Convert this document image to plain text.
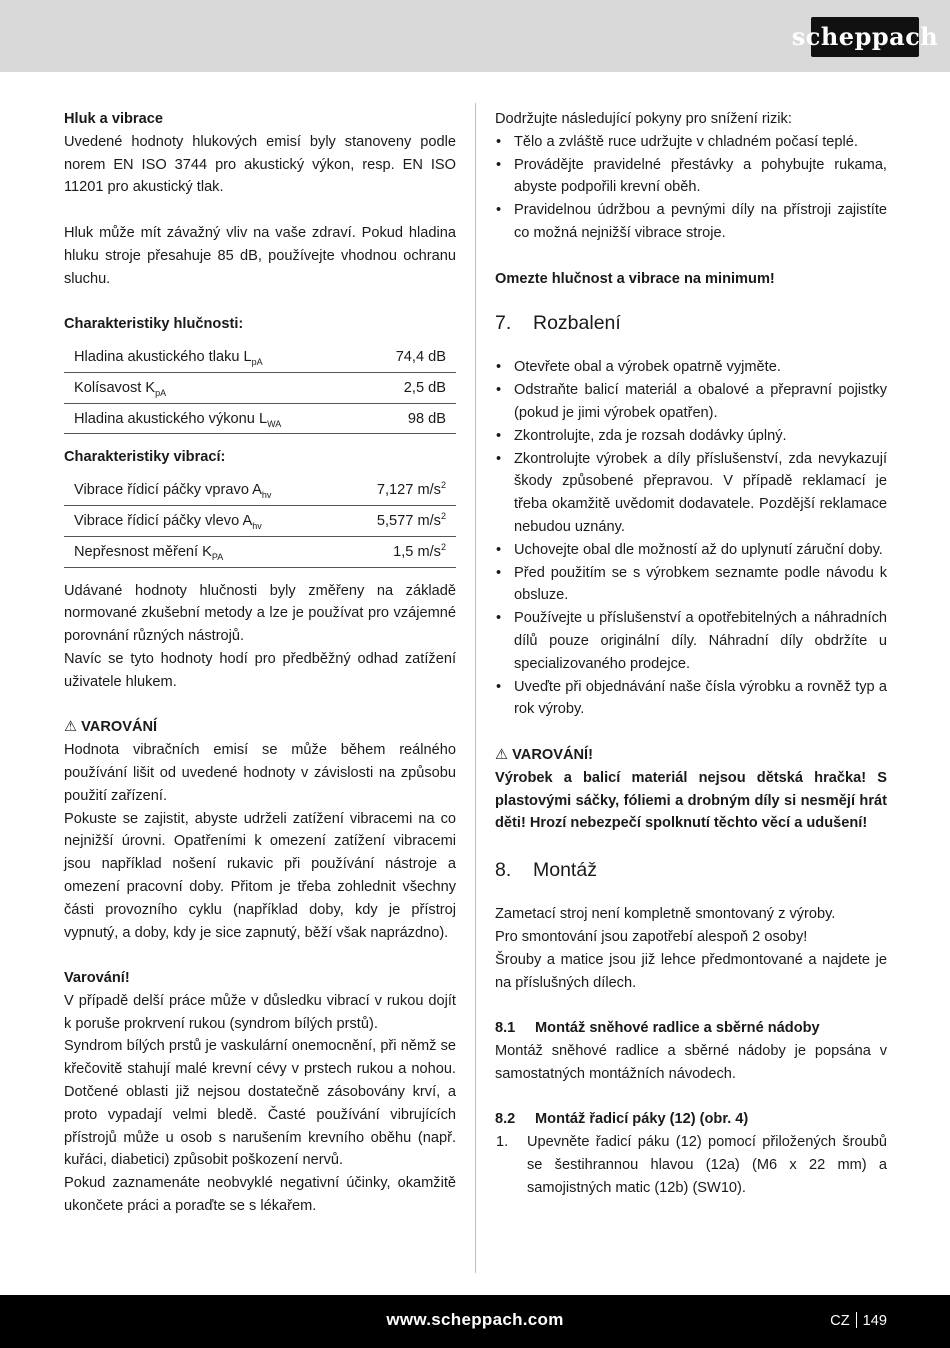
scheppach

Hluk a vibrace

Uvedené hodnoty hlukových emisí byly stanoveny podle norem EN ISO 3744 pro akustický výkon, resp. EN ISO 11201 pro akustický tlak.

Hluk může mít závažný vliv na vaše zdraví. Pokud hladina hluku stroje přesahuje 85 dB, používejte vhodnou ochranu sluchu.

Charakteristiky hlučnosti:

Hladina akustického tlaku $L_{pA}$	74,4 dB
Kolísavost $K_{pA}$	2,5 dB
Hladina akustického výkonu $L_{WA}$	98 dB

Charakteristiky vibrací:

Vibrace řídicí páčky vpravo $A_{hv}$	7,127 $m/s^2$
Vibrace řídicí páčky vlevo $A_{hv}$	5,577 $m/s^2$
Nepřesnost měření $K_{PA}$	1,5 $m/s^2$

Udávané hodnoty hlučnosti byly změřeny na základě normované zkušební metody a lze je používat pro vzájemné porovnání různých nástrojů.

Navíc se tyto hodnoty hodí pro předběžný odhad zatížení uživatele hlukem.

⚠ VAROVÁNÍ

Hodnota vibračních emisí se může během reálného používání lišit od uvedené hodnoty v závislosti na způsobu použití zařízení.

Pokuste se zajistit, abyste udrželi zatížení vibracemi na co nejnižší úrovni. Opatřeními k omezení zatížení vibracemi jsou například nošení rukavic při používání nástroje a omezení pracovní doby. Přitom je třeba zohlednit všechny části provozního cyklu (například doby, kdy je přístroj vypnutý, a doby, kdy je sice zapnutý, běží však naprázdno).

Varování!

V případě delší práce může v důsledku vibrací v rukou dojít k poruše prokrvení rukou (syndrom bílých prstů).

Syndrom bílých prstů je vaskulární onemocnění, při němž se křečovitě stahují malé krevní cévy v prstech rukou a nohou. Dotčené oblasti již nejsou dostatečně zásobovány krví, a proto vypadají velmi bledě. Časté používání vibrujících přístrojů může u osob s narušením krevního oběhu (např. kuřáci, diabetici) způsobit poškození nervů.

Pokud zaznamenáte neobvyklé negativní účinky, okamžitě ukončete práci a poraďte se s lékařem.

Dodržujte následující pokyny pro snížení rizik:

• Tělo a zvláště ruce udržujte v chladném počasí teplé.
• Provádějte pravidelné přestávky a pohybujte rukama, abyste podpořili krevní oběh.
• Pravidelnou údržbou a pevnými díly na přístroji zajistíte co možná nejnižší vibrace stroje.

Omezte hlučnost a vibrace na minimum!

7.	Rozbalení
• Otevřete obal a výrobek opatrně vyjměte.
• Odstraňte balicí materiál a obalové a přepravní pojistky (pokud je jimi výrobek opatřen).
• Zkontrolujte, zda je rozsah dodávky úplný.
• Zkontrolujte výrobek a díly příslušenství, zda nevykazují škody způsobené přepravou. V případě reklamací je třeba okamžitě uvědomit dodavatele. Pozdější reklamace nebudou uznány.
• Uchovejte obal dle možností až do uplynutí záruční doby.
• Před použitím se s výrobkem seznamte podle návodu k obsluze.
• Používejte u příslušenství a opotřebitelných a náhradních dílů pouze originální díly. Náhradní díly obdržíte u specializovaného prodejce.
• Uveďte při objednávání naše čísla výrobku a rovněž typ a rok výroby.

⚠ VAROVÁNÍ!

Výrobek a balicí materiál nejsou dětská hračka! S plastovými sáčky, fóliemi a drobným díly si nesmějí hrát děti! Hrozí nebezpečí spolknutí těchto věcí a udušení!

8.	Montáž

Zametací stroj není kompletně smontovaný z výroby.

Pro smontování jsou zapotřebí alespoň 2 osoby!

Šrouby a matice jsou již lehce předmontované a najdete je na příslušných dílech.

8.1	Montáž sněhové radlice a sběrné nádoby

Montáž sněhové radlice a sběrné nádoby je popsána v samostatných montážních návodech.

8.2	Montáž řadicí páky (12) (obr. 4)
1. Upevněte řadicí páku (12) pomocí přiložených šroubů se šestihrannou hlavou (12a) (M6 x 22 mm) a samojistných matic (12b) (SW10).
www.scheppach.com	CZ 149
